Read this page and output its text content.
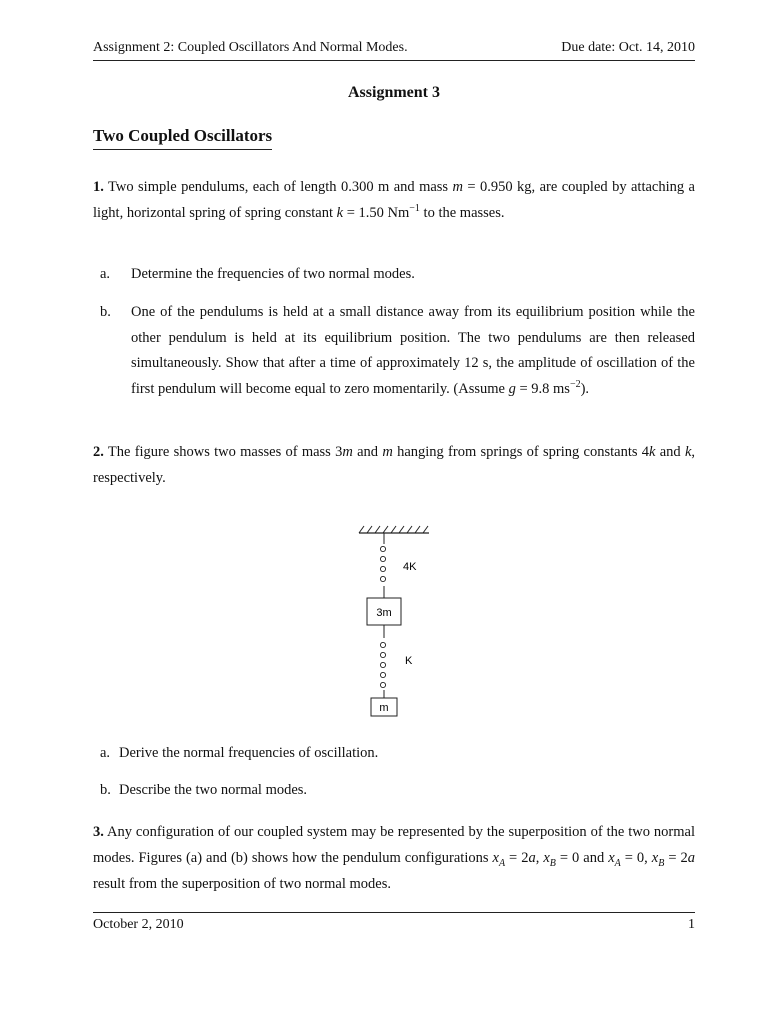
Assignment 2: Coupled Oscillators And Normal Modes.	Due date: Oct. 14, 2010
Assignment 3
Two Coupled Oscillators
1. Two simple pendulums, each of length 0.300 m and mass m = 0.950 kg, are coupled by attaching a light, horizontal spring of spring constant k = 1.50 $Nm^{-1}$ to the masses.
a. Determine the frequencies of two normal modes.
b. One of the pendulums is held at a small distance away from its equilibrium position while the other pendulum is held at its equilibrium position. The two pendulums are then released simultaneously. Show that after a time of approximately 12 s, the amplitude of oscillation of the first pendulum will become equal to zero momentarily. (Assume g = 9.8 $ms^{-2}$).
2. The figure shows two masses of mass 3m and m hanging from springs of spring constants 4k and k, respectively.
4K
3m
K
m
a. Derive the normal frequencies of oscillation.
b. Describe the two normal modes.
3. Any configuration of our coupled system may be represented by the superposition of the two normal modes. Figures (a) and (b) shows how the pendulum configurations $x_A = 2a$, $x_B = 0$ and $x_A = 0$, $x_B = 2a$ result from the superposition of two normal modes.
October 2, 2010	1
